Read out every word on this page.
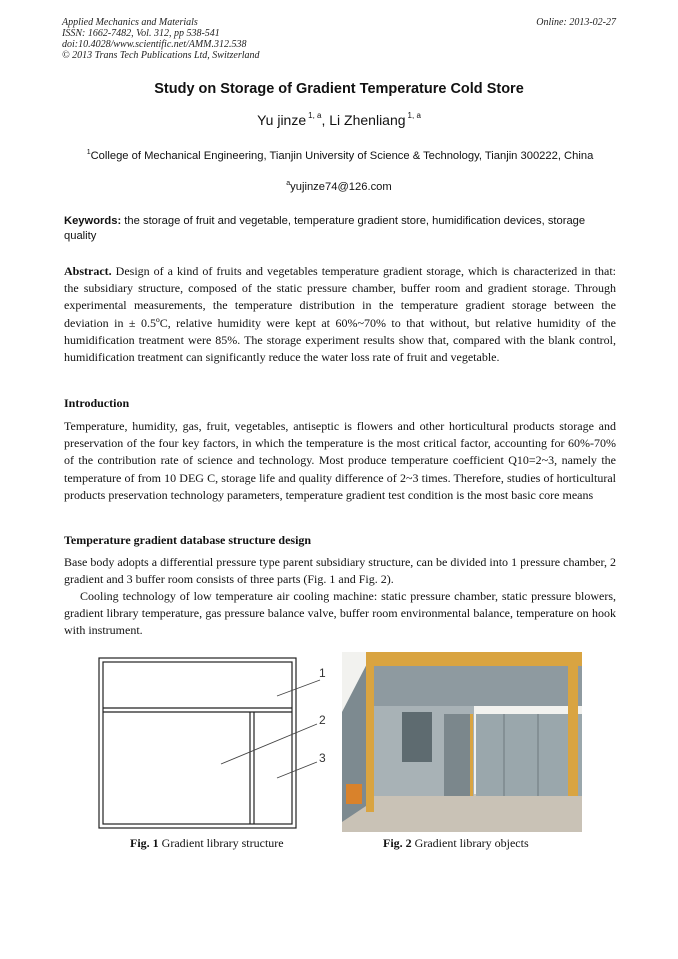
Applied Mechanics and Materials
ISSN: 1662-7482, Vol. 312, pp 538-541
doi:10.4028/www.scientific.net/AMM.312.538
© 2013 Trans Tech Publications Ltd, Switzerland
Online: 2013-02-27
Study on Storage of Gradient Temperature Cold Store
Yu jinze $^{1, a}$, Li Zhenliang $^{1, a}$
$^1$College of Mechanical Engineering, Tianjin University of Science & Technology, Tianjin 300222, China
$^a$yujinze74@126.com
Keywords: the storage of fruit and vegetable, temperature gradient store, humidification devices, storage quality
Abstract. Design of a kind of fruits and vegetables temperature gradient storage, which is characterized in that: the subsidiary structure, composed of the static pressure chamber, buffer room and gradient storage. Through experimental measurements, the temperature distribution in the temperature gradient storage between the deviation in ± 0.5ºC, relative humidity were kept at 60%~70% to that without, but relative humidity of the humidification treatment were 85%. The storage experiment results show that, compared with the blank control, humidification treatment can significantly reduce the water loss rate of fruit and vegetable.
Introduction
Temperature, humidity, gas, fruit, vegetables, antiseptic is flowers and other horticultural products storage and preservation of the four key factors, in which the temperature is the most critical factor, accounting for 60%-70% of the contribution rate of science and technology. Most produce temperature coefficient Q10=2~3, namely the temperature of from 10 DEG C, storage life and quality difference of 2~3 times. Therefore, studies of horticultural products preservation technology parameters, temperature gradient test condition is the most basic core means
Temperature gradient database structure design
Base body adopts a differential pressure type parent subsidiary structure, can be divided into 1 pressure chamber, 2 gradient and 3 buffer room consists of three parts (Fig. 1 and Fig. 2).
Cooling technology of low temperature air cooling machine: static pressure chamber, static pressure blowers, gradient library temperature, gas pressure balance valve, buffer room environmental balance, temperature on hook with instrument.
1
2
3
Fig. 1 Gradient library structure	Fig. 2 Gradient library objects
